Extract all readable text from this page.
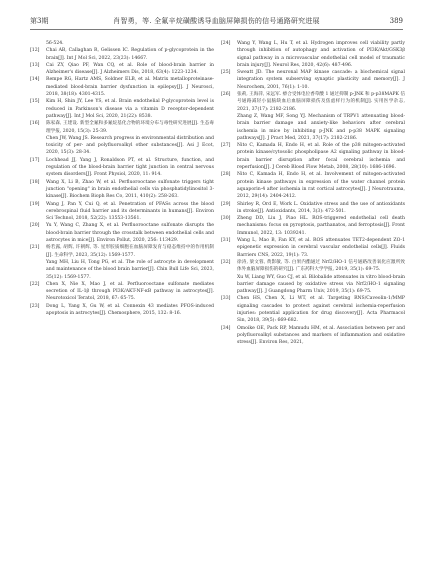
第3期	肖智勇，等. 全氟辛烷磺酸诱导血脑屏障损伤的信号通路研究进展	389
56-524.

[12] Chai AB, Callaghan R, Gelissen IC. Regulation of p-glycoprotein in the brain[J]. Int J Mol Sci, 2022, 23(23): 14667.

[13] Cai ZY, Qiao PF, Wan CQ, et al. Role of blood-brain barrier in Alzheimer's disease[J]. J Alzheimers Dis, 2018, 63(4): 1223-1234.

[14] Rempe RG, Hartz AMS, Soldner ELB, et al. Matrix metalloproteinase-mediated blood-brain barrier dysfunction in epilepsy[J]. J Neurosci, 2018, 38(18): 4301-4315.

[15] Kim H, Shin JY, Lee YS, et al. Brain endothelial P-glycoprotein level is reduced in Parkinson's disease via a vitamin D receptor-dependent pathway[J]. Int J Mol Sci, 2020, 21(22): 8538.

[16] 陈家森, 王建设. 新型全氟和多氟烷基化合物的环境分布与毒性研究进展[J]. 生态毒理学报, 2020, 15(3): 25-39.

Chen JW, Wang JS. Research progress in environmental distribution and toxicity of per- and polyfluoroalkyl other substances[J]. Asi J Ecot, 2020, 15(3): 28-34.

[17] Lochhead JJ, Yang J, Ronaldson PT, et al. Structure, function, and regulation of the blood-brain barrier tight junction in central nervous system disorders[J]. Front Physiol, 2020, 11: 914.

[18] Wang X, Li B, Zhao W, et al. Perfluorooctane sulfonate triggers tight junction "opening" in brain endothelial cells via phosphatidylinositol 3-kinase[J]. Biochem Bioph Res Co, 2011, 410(2): 258-263.

[19] Wang J, Pan Y, Cui Q, et al. Penetration of PFASs across the blood cerebrospinal fluid barrier and its determinants in humans[J]. Environ Sci Technol, 2018, 52(22): 13553-13561.

[20] Yu Y, Wang C, Zhang X, et al. Perfluorooctane sulfonate disrupts the blood-brain barrier through the crosstalk between endothelial cells and astrocytes in mice[J]. Environ Pollut, 2020, 256: 113429.

[21] 杨若露, 胡辉, 许朝辉, 等. 星形胶质细胞在血脑屏障发育与稳态维持中的作用机制[J]. 生命科学, 2023, 35(12): 1569-1577.

Yang MH, Liu H, Tong PG, et al. The role of astrocyte in development and maintenance of the blood brain barrier[J]. Chin Bull Life Sci, 2023, 35(12): 1569-1577.

[22] Chen X, Nie X, Mao J, et al. Perfluorooctane sulfonate mediates secretion of IL-1β through PI3K/AKT-NF-κB pathway in astrocytes[J]. Neurotoxicol Teratol, 2018, 67: 65-75.

[23] Dong L, Yang X, Gu W, et al. Connexin 43 mediates PFOS-induced apoptosis in astrocytes[J]. Chemosphere, 2015, 132: 8-16.

[24] Wang Y, Wang L, Hu T, et al. Hydrogen improves cell viability partly through inhibition of autophagy and activation of PI3K/Akt/GSK3β signal pathway in a microvascular endothelial cell model of traumatic brain injury[J]. Neurol Res, 2020, 42(6): 487-496.

[25] Sweatt JD. The neuronal MAP kinase cascade: a biochemical signal integration system subserving synaptic plasticity and memory[J]. J Neurochem, 2001, 76(1): 1-10.

[26] 张莉, 王海萍, 宋远军. 痹合受体电位香草酸 1 通过抑制 p-JNK 和 p-p38MAPK 信号通路减轻小鼠脑缺血后血脑屏障损伤及焦虑样行为的机制[J]. 实用医学杂志, 2021, 37(17): 2182-2186.

Zhang Z, Wang MF, Song YJ. Mechanism of TRPV1 attenuating blood-brain barrier damage and anxiety-like behaviors after cerebral ischemia in mice by inhibiting p-JNK and p-p38 MAPK signaling pathways[J]. J Pract Med, 2021, 37(17): 2182-2186.

[27] Nito C, Kamada H, Endo H, et al. Role of the p38 mitogen-activated protein kinase/cytosolic phospholipase A2 signaling pathway in blood-brain barrier disruption after focal cerebral ischemia and reperfusion[J]. J Cereb Blood Flow Metab, 2008, 28(10): 1686-1696.

[28] Nito C, Kamada H, Endo H, et al. Involvement of mitogen-activated protein kinase pathways in expression of the water channel protein aquaporin-4 after ischemia in rat cortical astrocytes[J]. J Neurotrauma, 2012, 29(14): 2404-2412.

[29] Shirley R, Ord E, Work L. Oxidative stress and the use of antioxidants in stroke[J]. Antioxidants, 2014, 3(3): 472-501.

[30] Zheng DD, Liu J, Piao HL. ROS-triggered endothelial cell death mechanisms: focus on pyroptosis, parthanatos, and ferroptosis[J]. Front Immunol, 2022, 13: 1039241.

[31] Wang L, Mao B, Fan KY, et al. ROS attenuates TET2-dependent ZO-1 epigenetic expression in cerebral vascular endothelial cells[J]. Fluids Barriers CNS, 2022, 19(1): 73.

[32] 徐涛, 梁文蓉, 黄影敏, 等. 白果内酯通过 Nrf2/HO-1 信号通路改善氧化应激所致体外血脑屏障损伤的研究[J]. 广东药科大学学报, 2019, 35(1): 69-75.

Xu W, Liang WY, Guo CJ, et al. Bilobalide attenuates in vitro blood-brain barrier damage caused by oxidative stress via Nrf2/HO-1 signaling pathway[J]. J Guangdong Pharm Univ, 2019, 35(1): 69-75.

[33] Chen HS, Chen X, Li WT, et al. Targeting RNS/Caveolin-1/MMP signaling cascades to protect against cerebral ischemia-reperfusion injuries: potential application for drug discovery[J]. Acta Pharmacol Sin, 2018, 39(5): 669-682.

[34] Omoike OE, Pack RP, Mamudu HM, et al. Association between per and polyfluoroalkyl substances and markers of inflammation and oxidative stress[J]. Environ Res, 2021,
